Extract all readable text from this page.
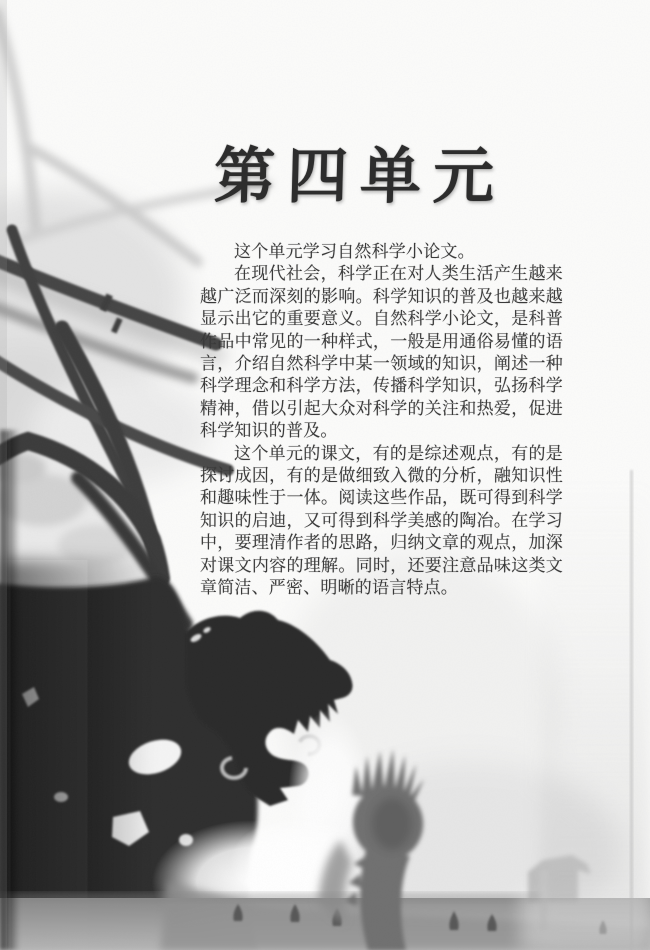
第四单元

这个单元学习自然科学小论文。

在现代社会，科学正在对人类生活产生越来越广泛而深刻的影响。科学知识的普及也越来越显示出它的重要意义。自然科学小论文，是科普作品中常见的一种样式，一般是用通俗易懂的语言，介绍自然科学中某一领域的知识，阐述一种科学理念和科学方法，传播科学知识，弘扬科学精神，借以引起大众对科学的关注和热爱，促进科学知识的普及。

这个单元的课文，有的是综述观点，有的是探讨成因，有的是做细致入微的分析，融知识性和趣味性于一体。阅读这些作品，既可得到科学知识的启迪，又可得到科学美感的陶冶。在学习中，要理清作者的思路，归纳文章的观点，加深对课文内容的理解。同时，还要注意品味这类文章简洁、严密、明晰的语言特点。
